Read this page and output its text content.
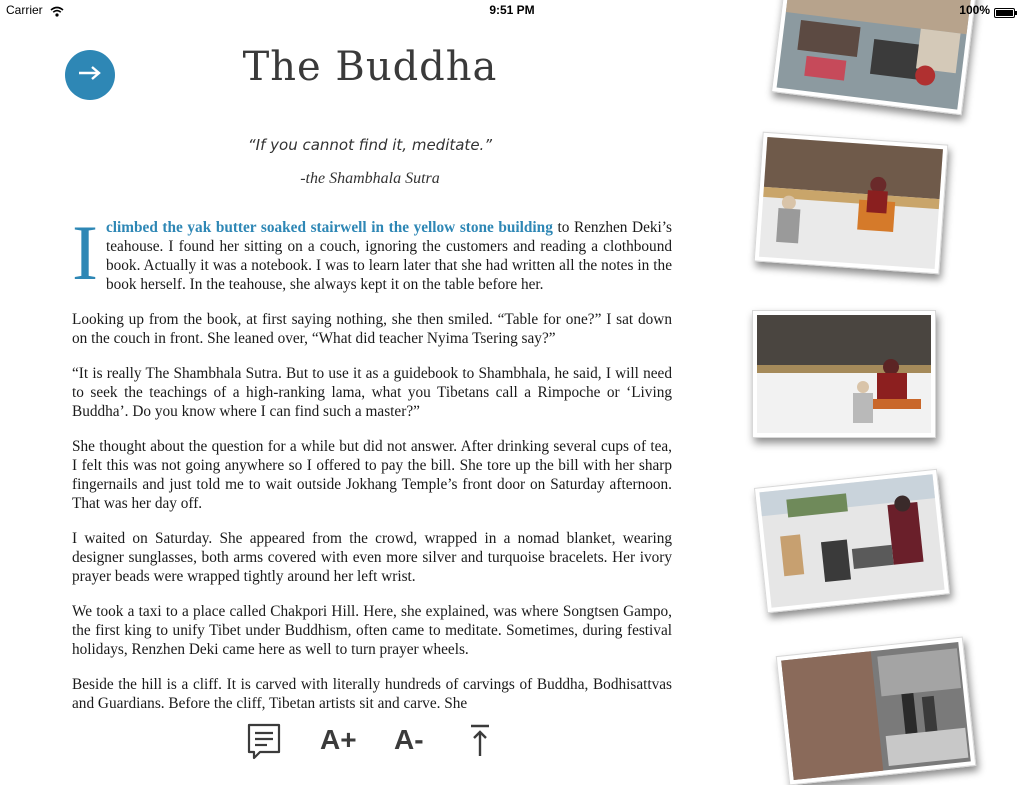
Carrier	9:51 PM	100%
The Buddha
“If you cannot find it, meditate.”
-the Shambhala Sutra

Iclimbed the yak butter soaked stairwell in the yellow stone building to Renzhen Deki’s teahouse. I found her sitting on a couch, ignoring the customers and reading a clothbound book. Actually it was a notebook. I was to learn later that she had written all the notes in the book herself. In the teahouse, she always kept it on the table before her.

Looking up from the book, at first saying nothing, she then smiled. “Table for one?” I sat down on the couch in front. She leaned over, “What did teacher Nyima Tsering say?”

“It is really The Shambhala Sutra. But to use it as a guidebook to Shambhala, he said, I will need to seek the teachings of a high-ranking lama, what you Tibetans call a Rimpoche or ‘Living Buddha’. Do you know where I can find such a master?”

She thought about the question for a while but did not answer. After drinking several cups of tea, I felt this was not going anywhere so I offered to pay the bill. She tore up the bill with her sharp fingernails and just told me to wait outside Jokhang Temple’s front door on Saturday afternoon. That was her day off.

I waited on Saturday. She appeared from the crowd, wrapped in a nomad blanket, wearing designer sunglasses, both arms covered with even more silver and turquoise bracelets. Her ivory prayer beads were wrapped tightly around her left wrist.

We took a taxi to a place called Chakpori Hill. Here, she explained, was where Songtsen Gampo, the first king to unify Tibet under Buddhism, often came to meditate. Sometimes, during festival holidays, Renzhen Deki came here as well to turn prayer wheels.

Beside the hill is a cliff. It is carved with literally hundreds of carvings of Buddha, Bodhisattvas and Guardians. Before the cliff, Tibetan artists sit and carve. She

A+ A-
